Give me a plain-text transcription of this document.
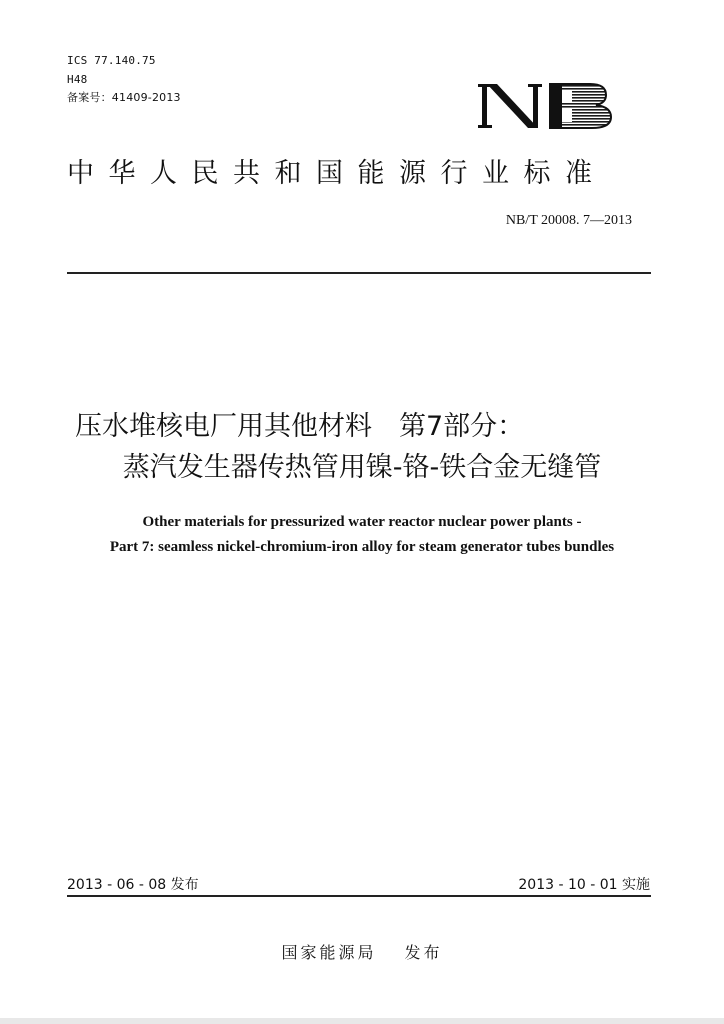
ICS 77.140.75
H48
备案号：41409-2013
中华人民共和国能源行业标准
NB/T 20008. 7—2013
压水堆核电厂用其他材料　第7部分：
蒸汽发生器传热管用镍-铬-铁合金无缝管
Other materials for pressurized water reactor nuclear power plants -
Part 7: seamless nickel-chromium-iron alloy for steam generator tubes bundles
2013 - 06 - 08 发布	2013 - 10 - 01 实施
国家能源局 发布
